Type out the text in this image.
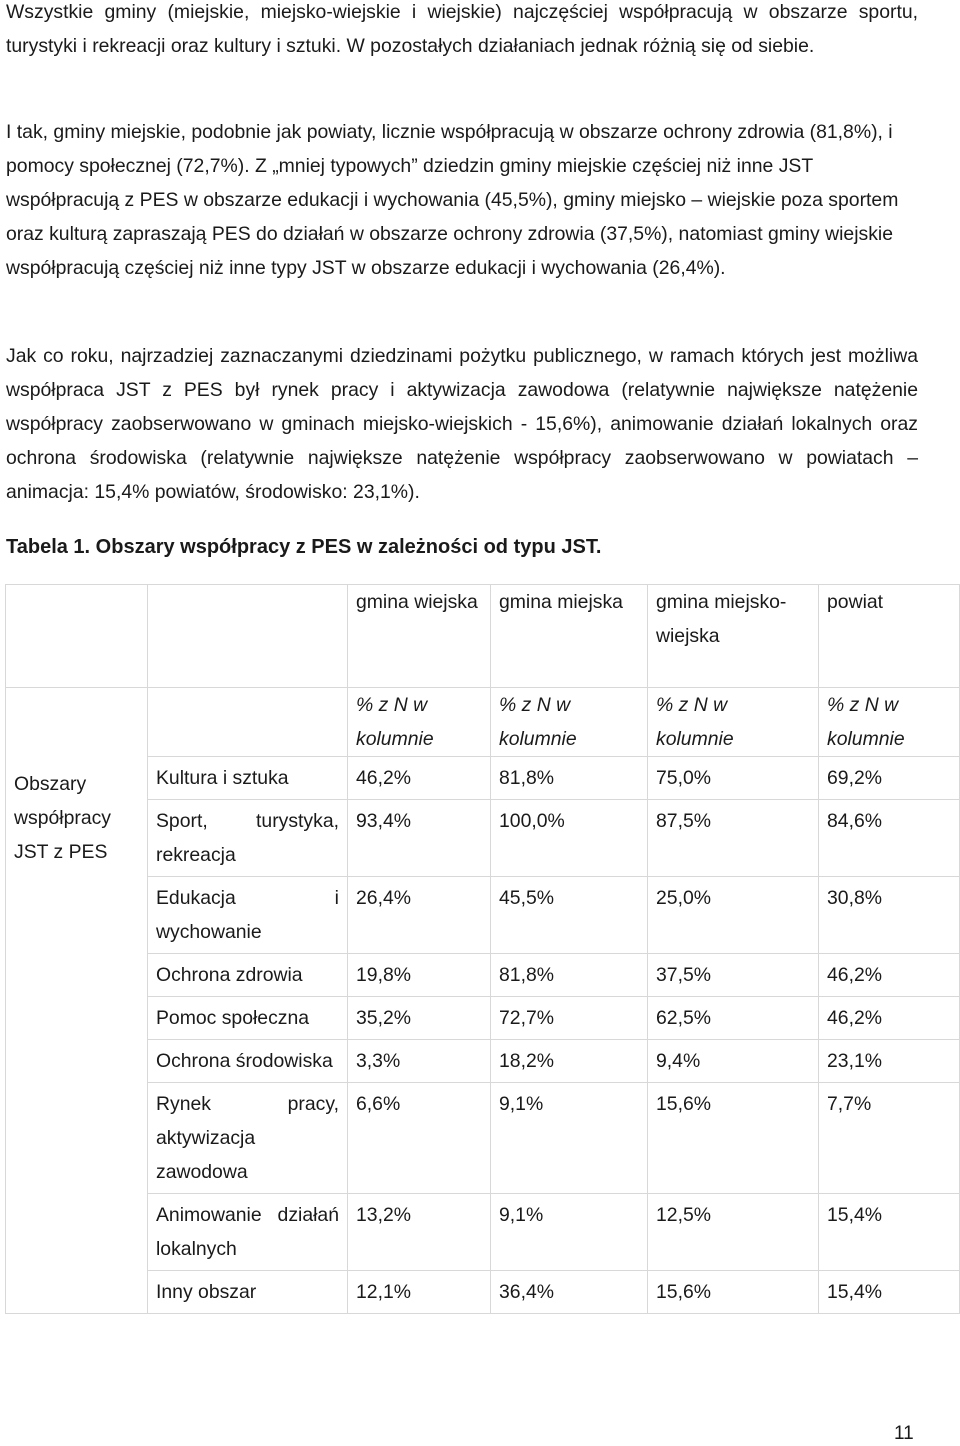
Wszystkie gminy (miejskie, miejsko-wiejskie i wiejskie) najczęściej współpracują w obszarze sportu, turystyki i rekreacji oraz kultury i sztuki. W pozostałych działaniach jednak różnią się od siebie.

I tak, gminy miejskie, podobnie jak powiaty, licznie współpracują w obszarze ochrony zdrowia (81,8%), i pomocy społecznej (72,7%). Z „mniej typowych” dziedzin gminy miejskie częściej niż inne JST współpracują z PES w obszarze edukacji i wychowania (45,5%), gminy miejsko – wiejskie poza sportem oraz kulturą zapraszają PES do działań w obszarze ochrony zdrowia (37,5%), natomiast gminy wiejskie współpracują częściej niż inne typy JST w obszarze edukacji i wychowania (26,4%).

Jak co roku, najrzadziej zaznaczanymi dziedzinami pożytku publicznego, w ramach których jest możliwa współpraca JST z PES był rynek pracy i aktywizacja zawodowa (relatywnie największe natężenie współpracy zaobserwowano w gminach miejsko-wiejskich - 15,6%), animowanie działań lokalnych oraz ochrona środowiska (relatywnie największe natężenie współpracy zaobserwowano w powiatach – animacja: 15,4% powiatów, środowisko: 23,1%).

Tabela 1. Obszary współpracy z PES w zależności od typu JST.

		gmina wiejska	gmina miejska	gmina miejsko-wiejska	powiat

Obszary współpracy JST z PES		% z N w kolumnie	% z N w kolumnie	% z N w kolumnie	% z N w kolumnie
	Kultura i sztuka	46,2%	81,8%	75,0%	69,2%
	Sport, turystyka, rekreacja	93,4%	100,0%	87,5%	84,6%
	Edukacja i wychowanie	26,4%	45,5%	25,0%	30,8%
	Ochrona zdrowia	19,8%	81,8%	37,5%	46,2%
	Pomoc społeczna	35,2%	72,7%	62,5%	46,2%
	Ochrona środowiska	3,3%	18,2%	9,4%	23,1%
	Rynek pracy, aktywizacja zawodowa	6,6%	9,1%	15,6%	7,7%
	Animowanie działań lokalnych	13,2%	9,1%	12,5%	15,4%
	Inny obszar	12,1%	36,4%	15,6%	15,4%
11
